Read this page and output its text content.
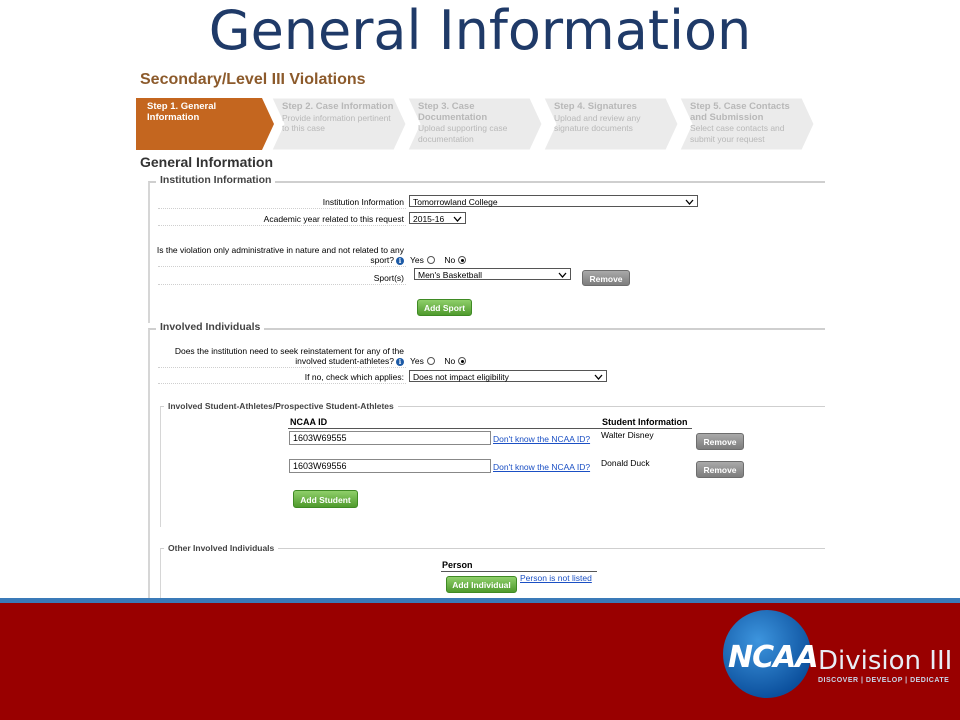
General Information
Secondary/Level III Violations
Step 1. General Information
Step 2. Case Information
Provide information pertinent to this case
Step 3. Case Documentation
Upload supporting case documentation
Step 4. Signatures
Upload and review any signature documents
Step 5. Case Contacts and Submission
Select case contacts and submit your request
General Information
Institution Information
Institution Information	Tomorrowland College
Academic year related to this request	2015-16
Is the violation only administrative in nature and not related to any sport? i	Yes No
Sport(s)	Men's Basketball	Remove
Add Sport
Involved Individuals
Does the institution need to seek reinstatement for any of the involved student-athletes? i	Yes No
If no, check which applies:	Does not impact eligibility
Involved Student-Athletes/Prospective Student-Athletes
NCAA ID	Student Information
1603W69555	Don't know the NCAA ID? Walter Disney
Remove
1603W69556	Don't know the NCAA ID? Donald Duck
Remove
Add Student
Other Involved Individuals
Person
Add Individual
Person is not listed
NCAA Division III
DISCOVER | DEVELOP | DEDICATE
